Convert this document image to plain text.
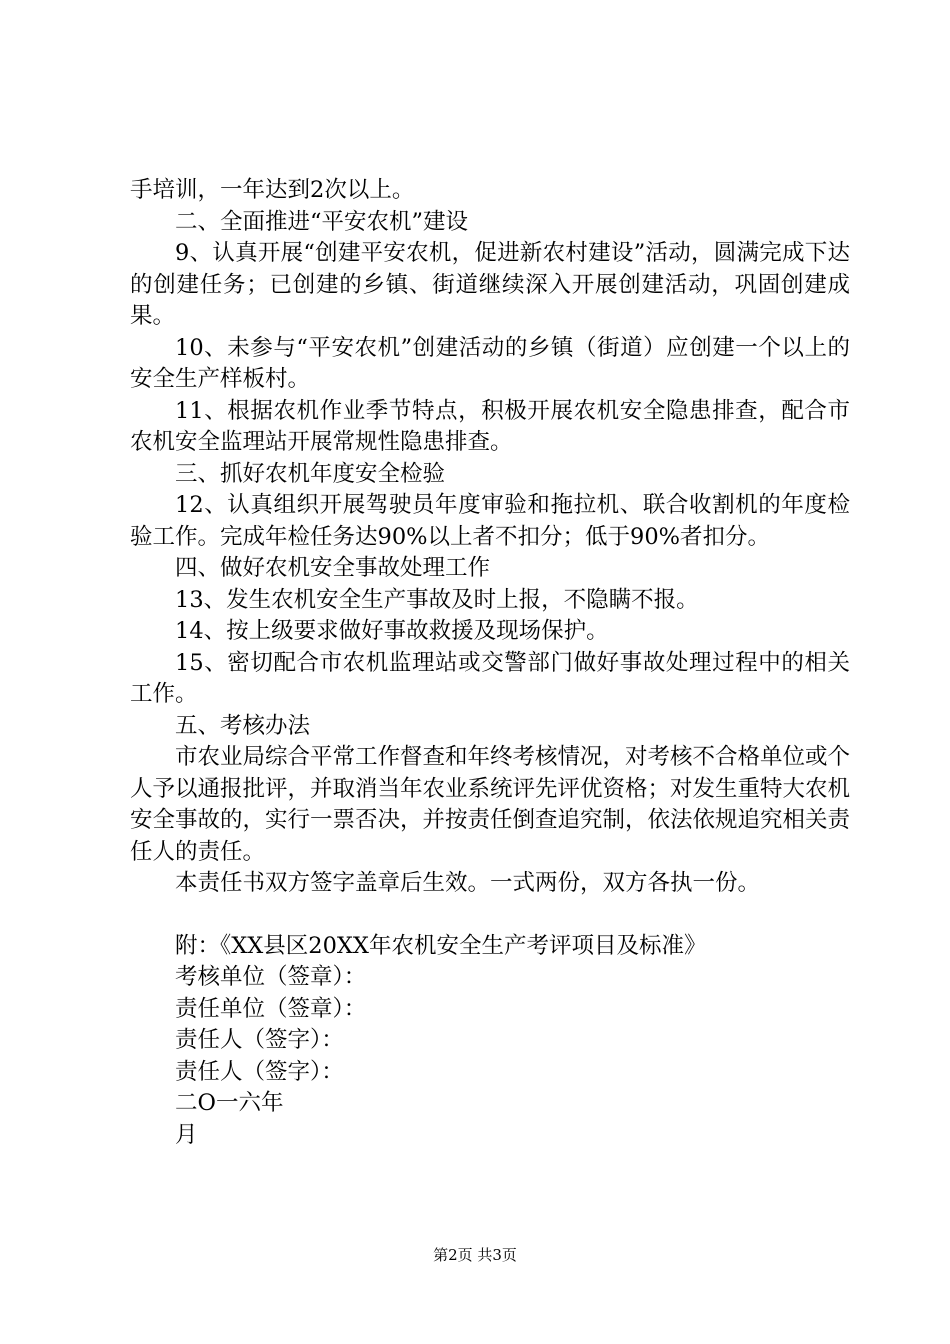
手培训，一年达到2次以上。

二、全面推进“平安农机”建设

9、认真开展“创建平安农机，促进新农村建设”活动，圆满完成下达的创建任务；已创建的乡镇、街道继续深入开展创建活动，巩固创建成果。

10、未参与“平安农机”创建活动的乡镇（街道）应创建一个以上的安全生产样板村。

11、根据农机作业季节特点，积极开展农机安全隐患排查，配合市农机安全监理站开展常规性隐患排查。

三、抓好农机年度安全检验

12、认真组织开展驾驶员年度审验和拖拉机、联合收割机的年度检验工作。完成年检任务达90%以上者不扣分；低于90%者扣分。

四、做好农机安全事故处理工作

13、发生农机安全生产事故及时上报，不隐瞒不报。

14、按上级要求做好事故救援及现场保护。

15、密切配合市农机监理站或交警部门做好事故处理过程中的相关工作。

五、考核办法

市农业局综合平常工作督查和年终考核情况，对考核不合格单位或个人予以通报批评，并取消当年农业系统评先评优资格；对发生重特大农机安全事故的，实行一票否决，并按责任倒查追究制，依法依规追究相关责任人的责任。

本责任书双方签字盖章后生效。一式两份，双方各执一份。

附：《XX县区20XX年农机安全生产考评项目及标准》

考核单位（签章）：

责任单位（签章）：

责任人（签字）：

责任人（签字）：

二O一六年

月

第2页 共3页
